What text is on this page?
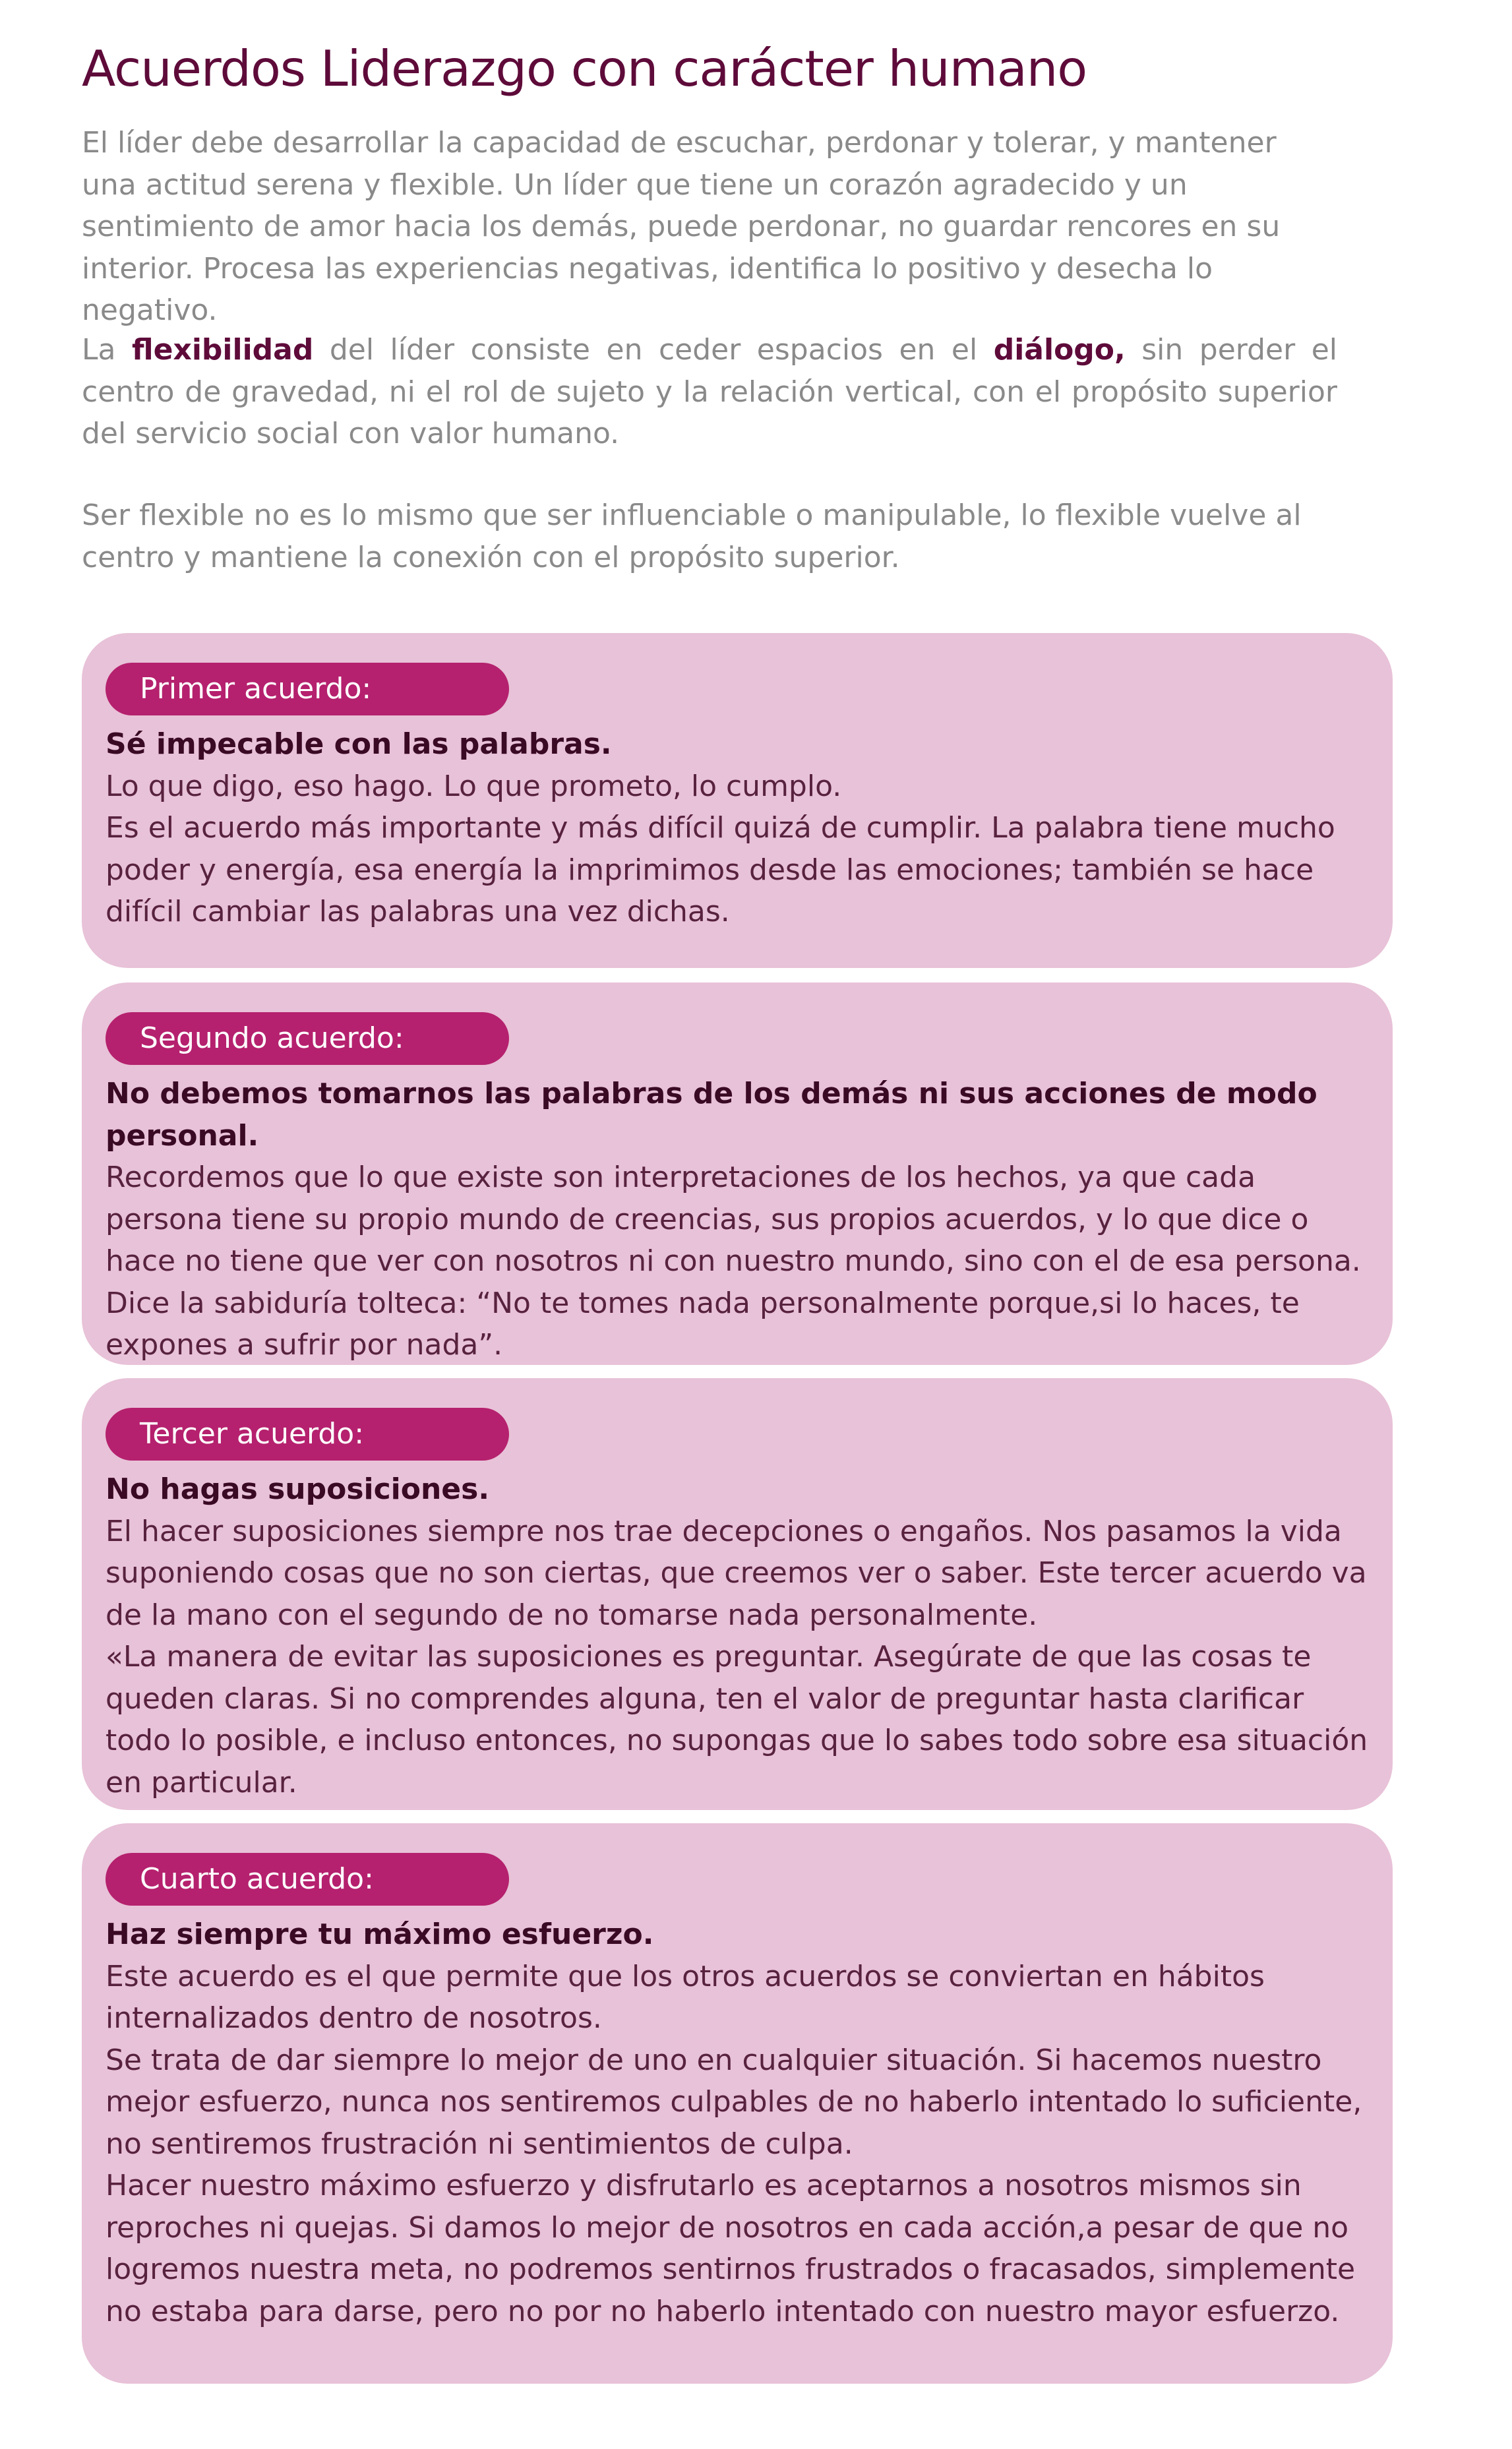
Acuerdos Liderazgo con carácter humano

El líder debe desarrollar la capacidad de escuchar, perdonar y tolerar, y mantener una actitud serena y flexible. Un líder que tiene un corazón agradecido y un sentimiento de amor hacia los demás, puede perdonar, no guardar rencores en su interior. Procesa las experiencias negativas, identifica lo positivo y desecha lo negativo.

La flexibilidad del líder consiste en ceder espacios en el diálogo, sin perder el centro de gravedad, ni el rol de sujeto y la relación vertical, con el propósito superior del servicio social con valor humano.

Ser flexible no es lo mismo que ser influenciable o manipulable, lo flexible vuelve al centro y mantiene la conexión con el propósito superior.

Primer acuerdo:
Sé impecable con las palabras.
Lo que digo, eso hago. Lo que prometo, lo cumplo.
Es el acuerdo más importante y más difícil quizá de cumplir. La palabra tiene mucho poder y energía, esa energía la imprimimos desde las emociones; también se hace difícil cambiar las palabras una vez dichas.
Segundo acuerdo:
No debemos tomarnos las palabras de los demás ni sus acciones de modo personal.
Recordemos que lo que existe son interpretaciones de los hechos, ya que cada persona tiene su propio mundo de creencias, sus propios acuerdos, y lo que dice o hace no tiene que ver con nosotros ni con nuestro mundo, sino con el de esa persona.
Dice la sabiduría tolteca: “No te tomes nada personalmente porque,si lo haces, te expones a sufrir por nada”.
Tercer acuerdo:
No hagas suposiciones.
El hacer suposiciones siempre nos trae decepciones o engaños. Nos pasamos la vida suponiendo cosas que no son ciertas, que creemos ver o saber. Este tercer acuerdo va de la mano con el segundo de no tomarse nada personalmente.
«La manera de evitar las suposiciones es preguntar. Asegúrate de que las cosas te queden claras. Si no comprendes alguna, ten el valor de preguntar hasta clarificar todo lo posible, e incluso entonces, no supongas que lo sabes todo sobre esa situación en particular.
Cuarto acuerdo:
Haz siempre tu máximo esfuerzo.
Este acuerdo es el que permite que los otros acuerdos se conviertan en hábitos internalizados dentro de nosotros.
Se trata de dar siempre lo mejor de uno en cualquier situación. Si hacemos nuestro mejor esfuerzo, nunca nos sentiremos culpables de no haberlo intentado lo suficiente, no sentiremos frustración ni sentimientos de culpa.
Hacer nuestro máximo esfuerzo y disfrutarlo es aceptarnos a nosotros mismos sin reproches ni quejas. Si damos lo mejor de nosotros en cada acción,a pesar de que no logremos nuestra meta, no podremos sentirnos frustrados o fracasados, simplemente no estaba para darse, pero no por no haberlo intentado con nuestro mayor esfuerzo.
